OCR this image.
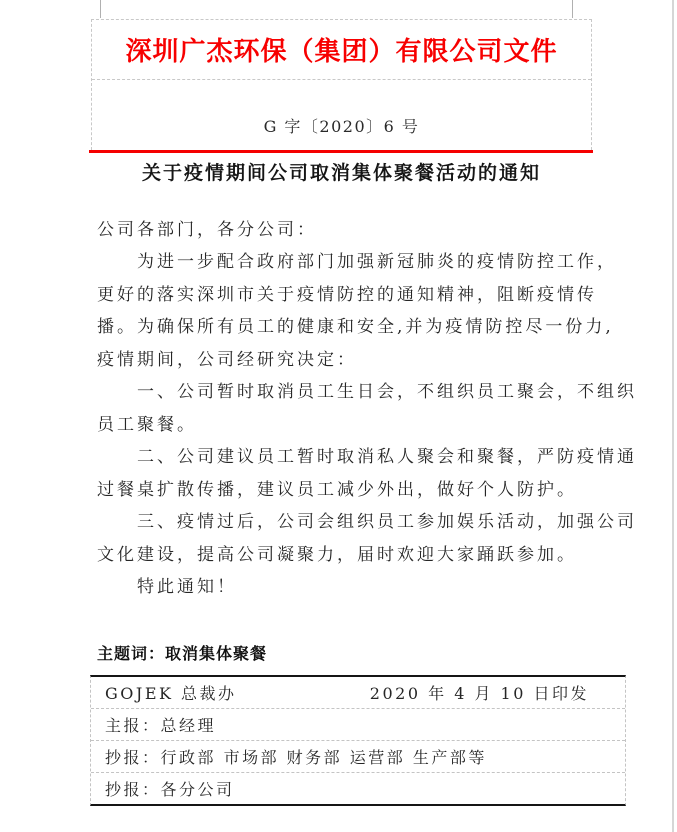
深圳广杰环保（集团）有限公司文件
G 字〔2020〕6 号
关于疫情期间公司取消集体聚餐活动的通知
公司各部门，各分公司：
为进一步配合政府部门加强新冠肺炎的疫情防控工作，
更好的落实深圳市关于疫情防控的通知精神，阻断疫情传
播。为确保所有员工的健康和安全,并为疫情防控尽一份力,
疫情期间，公司经研究决定：
一、公司暂时取消员工生日会，不组织员工聚会，不组织
员工聚餐。
二、公司建议员工暂时取消私人聚会和聚餐，严防疫情通
过餐桌扩散传播，建议员工减少外出，做好个人防护。
三、疫情过后，公司会组织员工参加娱乐活动，加强公司
文化建设，提高公司凝聚力，届时欢迎大家踊跃参加。
特此通知！
主题词：取消集体聚餐
GOJEK 总裁办	2020 年 4 月 10 日印发
主报：总经理
抄报：行政部 市场部 财务部 运营部 生产部等
抄报：各分公司
